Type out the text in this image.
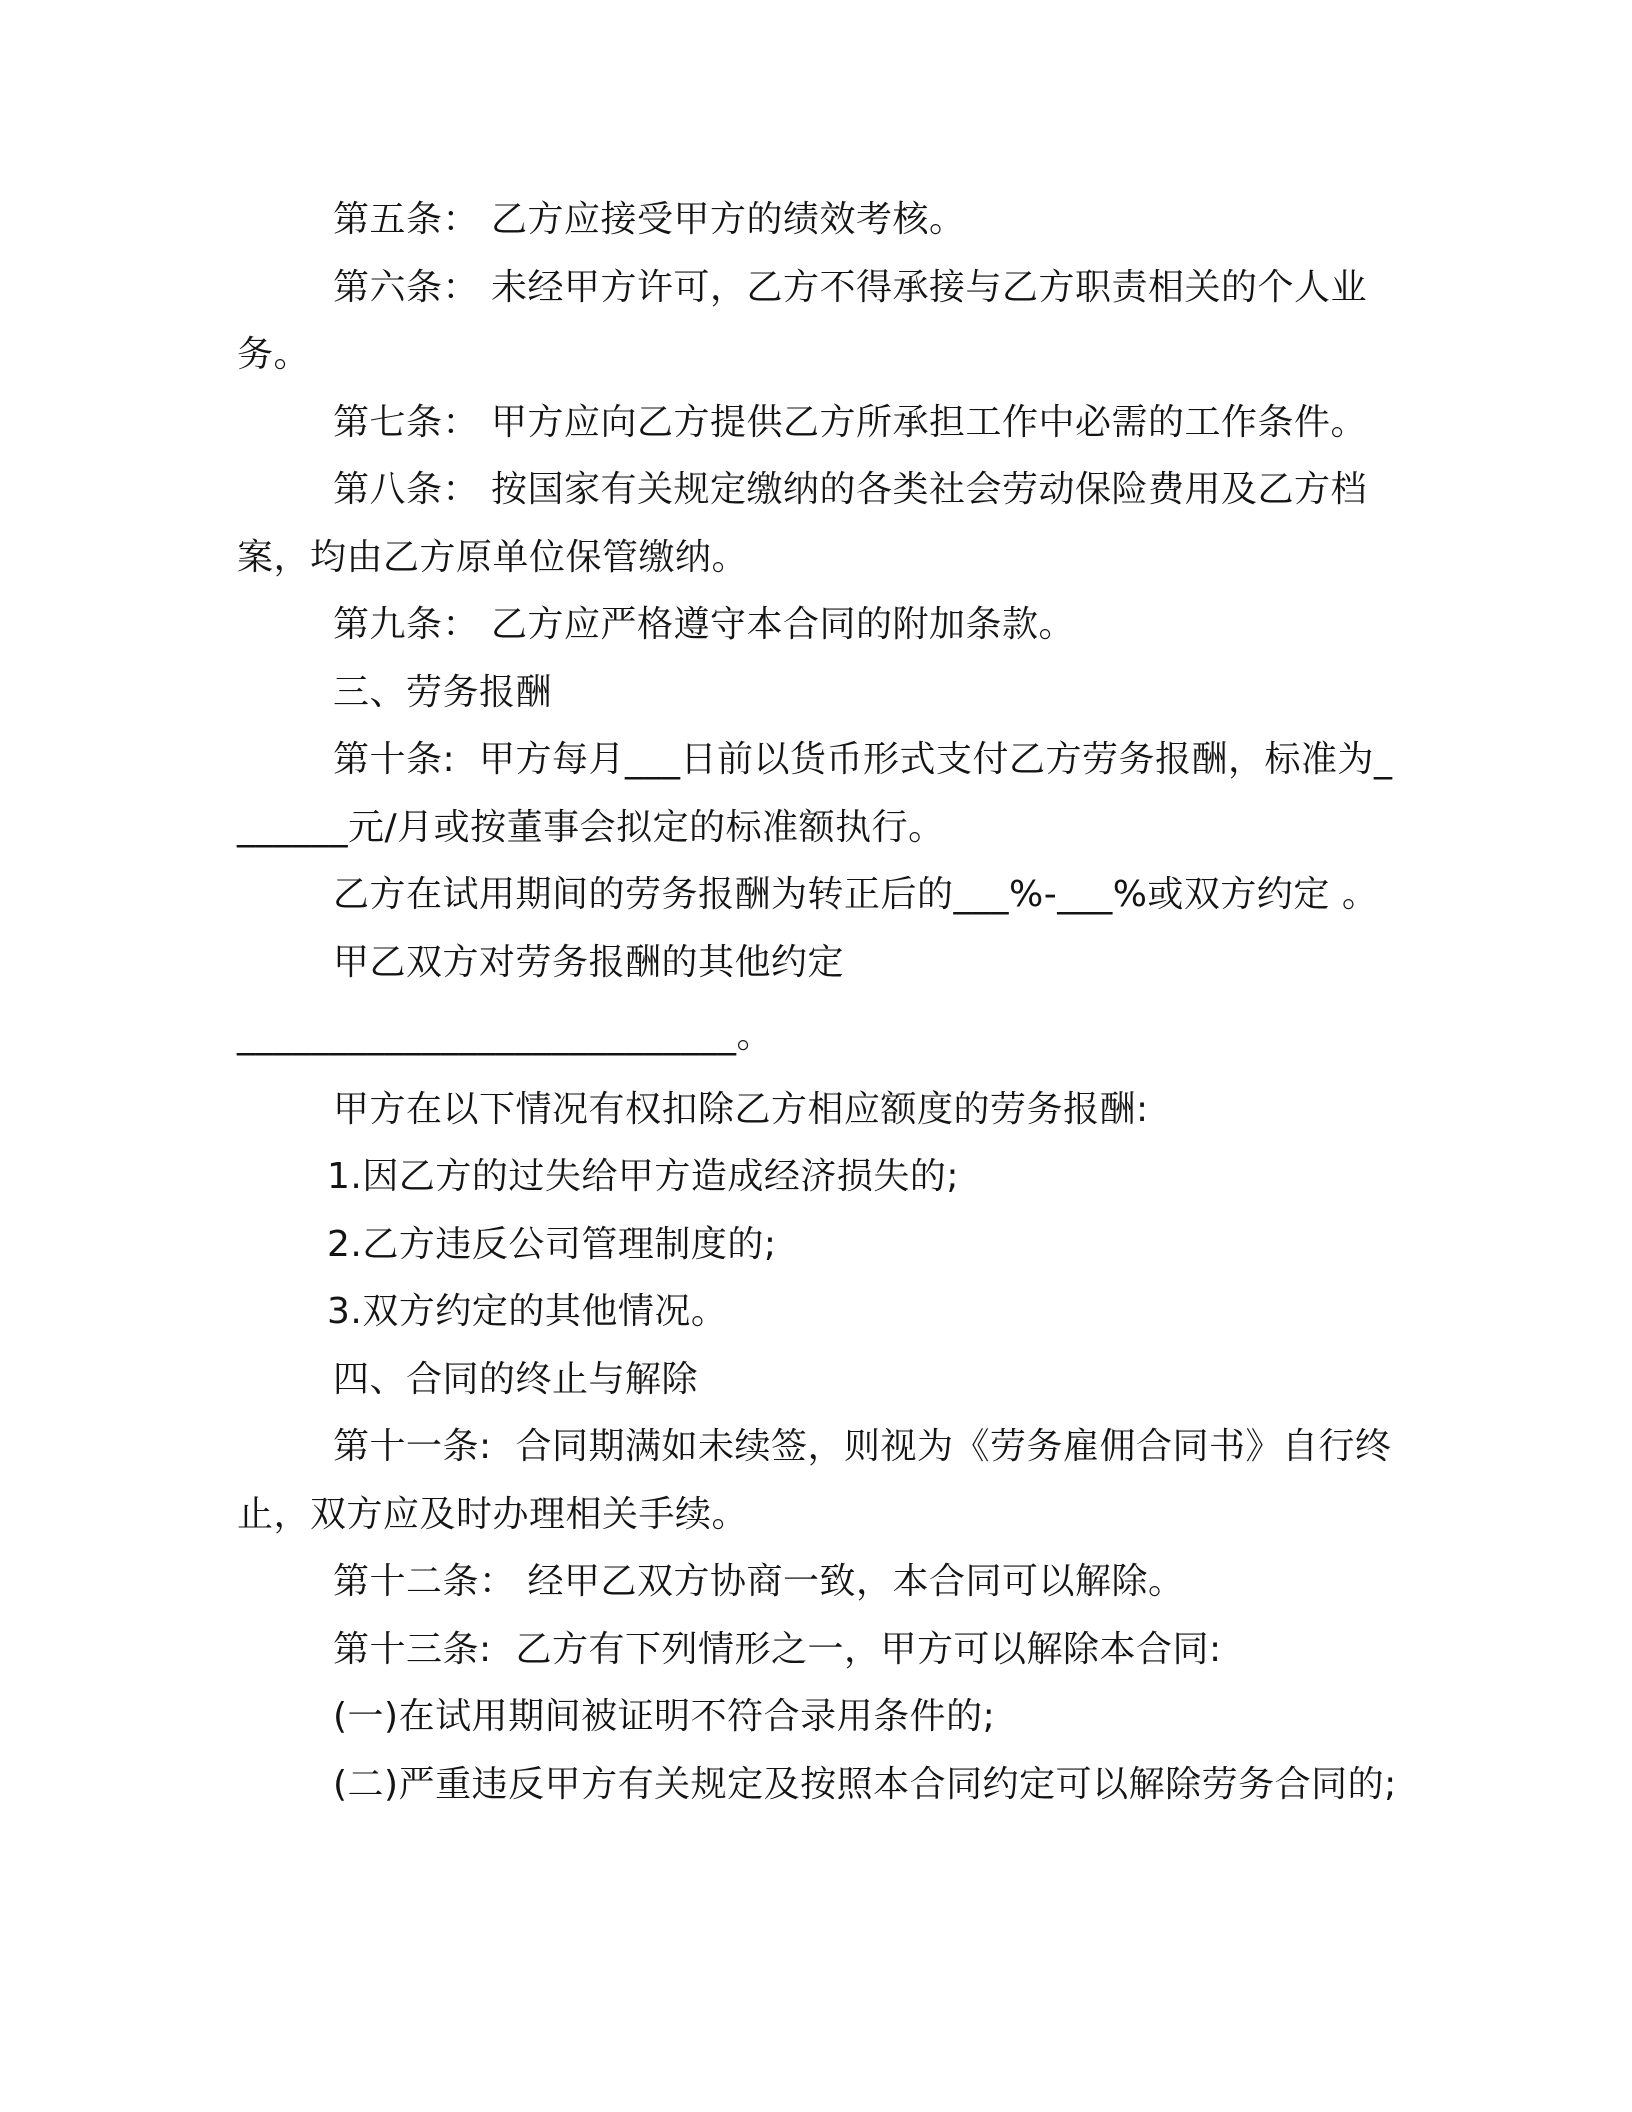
第五条： 乙方应接受甲方的绩效考核。

第六条： 未经甲方许可，乙方不得承接与乙方职责相关的个人业务。

第七条： 甲方应向乙方提供乙方所承担工作中必需的工作条件。

第八条： 按国家有关规定缴纳的各类社会劳动保险费用及乙方档案，均由乙方原单位保管缴纳。

第九条： 乙方应严格遵守本合同的附加条款。

三、劳务报酬

第十条:  甲方每月___日前以货币形式支付乙方劳务报酬，标准为_______元/月或按董事会拟定的标准额执行。

乙方在试用期间的劳务报酬为转正后的___%-___%或双方约定 。

甲乙双方对劳务报酬的其他约定

___________________________。

甲方在以下情况有权扣除乙方相应额度的劳务报酬:

1.因乙方的过失给甲方造成经济损失的;

2.乙方违反公司管理制度的;

3.双方约定的其他情况。

四、合同的终止与解除

第十一条:  合同期满如未续签，则视为《劳务雇佣合同书》自行终止，双方应及时办理相关手续。

第十二条： 经甲乙双方协商一致，本合同可以解除。

第十三条:  乙方有下列情形之一，甲方可以解除本合同:

(一)在试用期间被证明不符合录用条件的;

(二)严重违反甲方有关规定及按照本合同约定可以解除劳务合同的;
